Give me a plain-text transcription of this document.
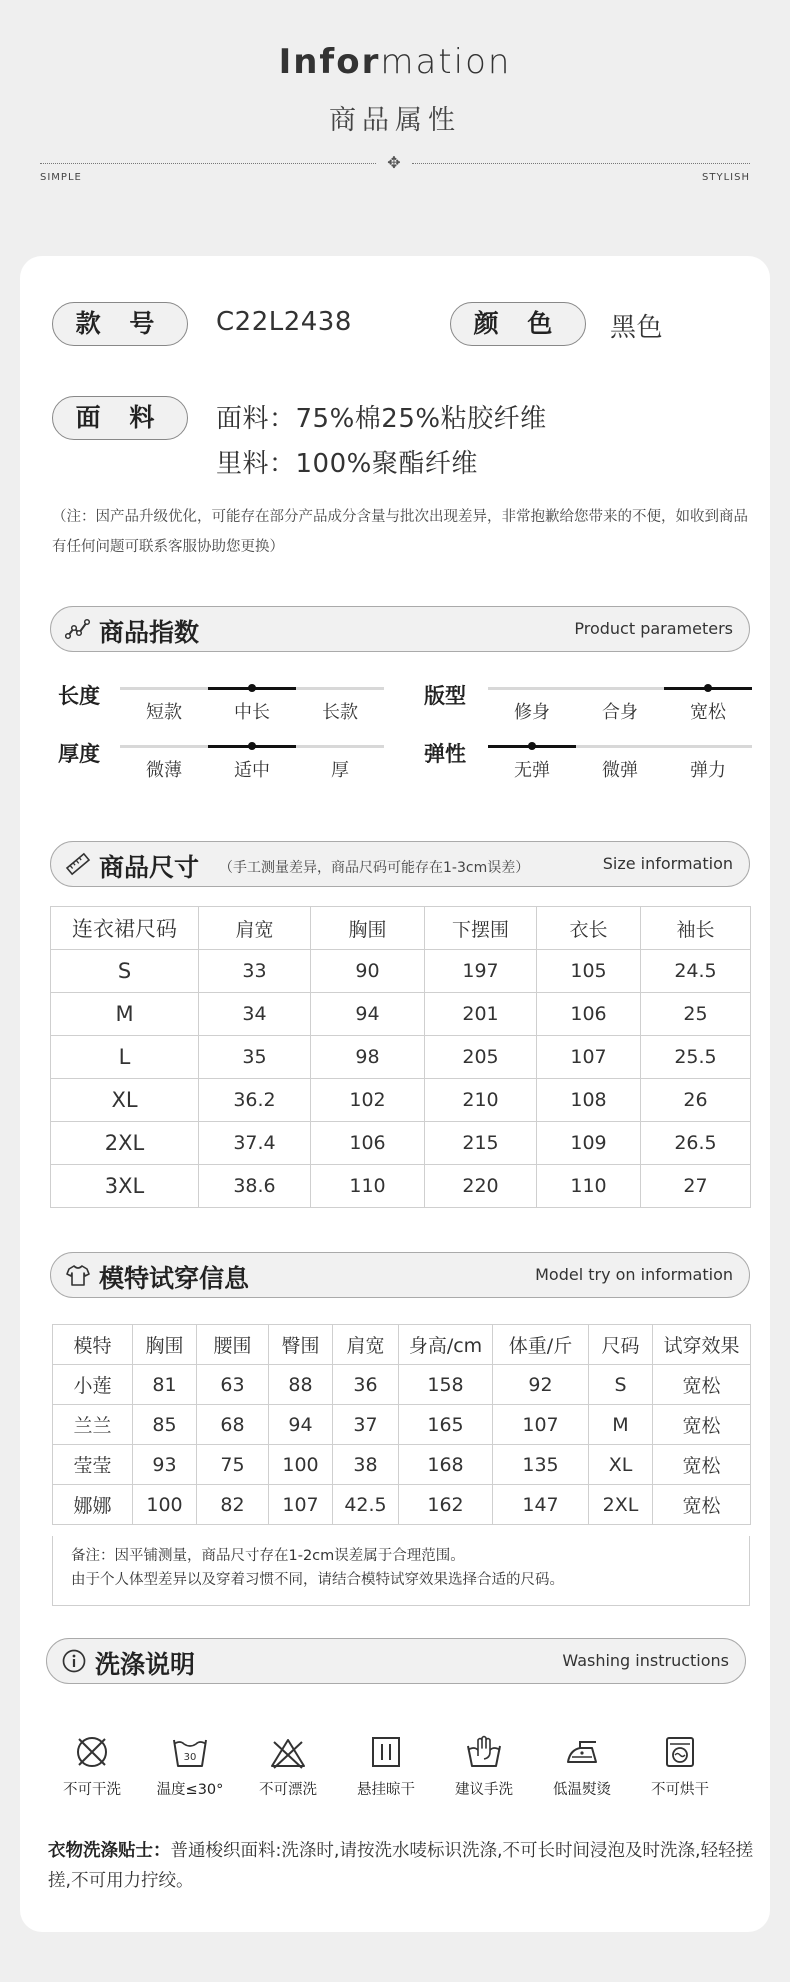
Information
商品属性
✥
SIMPLE	STYLISH
款 号	C22L2438	颜 色	黑色
面 料	面料：75%棉25%粘胶纤维
里料：100%聚酯纤维
（注：因产品升级优化，可能存在部分产品成分含量与批次出现差异，非常抱歉给您带来的不便，如收到商品有任何问题可联系客服协助您更换）
商品指数	Product parameters
长度
短款	中长	长款
版型
修身	合身	宽松
厚度
微薄	适中	厚
弹性
无弹	微弹	弹力
商品尺寸 （手工测量差异，商品尺码可能存在1-3cm误差）	Size information
连衣裙尺码	肩宽	胸围	下摆围	衣长	袖长
S	33	90	197	105	24.5
M	34	94	201	106	25
L	35	98	205	107	25.5
XL	36.2	102	210	108	26
2XL	37.4	106	215	109	26.5
3XL	38.6	110	220	110	27
模特试穿信息	Model try on information
模特	胸围	腰围	臀围	肩宽	身高/cm	体重/斤	尺码	试穿效果
小莲	81	63	88	36	158	92	S	宽松
兰兰	85	68	94	37	165	107	M	宽松
莹莹	93	75	100	38	168	135	XL	宽松
娜娜	100	82	107	42.5	162	147	2XL	宽松
备注：因平铺测量，商品尺寸存在1-2cm误差属于合理范围。
由于个人体型差异以及穿着习惯不同，请结合模特试穿效果选择合适的尺码。
洗涤说明	Washing instructions
不可干洗
30
温度≤30°	不可漂洗	悬挂晾干	建议手洗	低温熨烫	不可烘干
衣物洗涤贴士：普通梭织面料:洗涤时,请按洗水唛标识洗涤,不可长时间浸泡及时洗涤,轻轻搓搓,不可用力拧绞。
